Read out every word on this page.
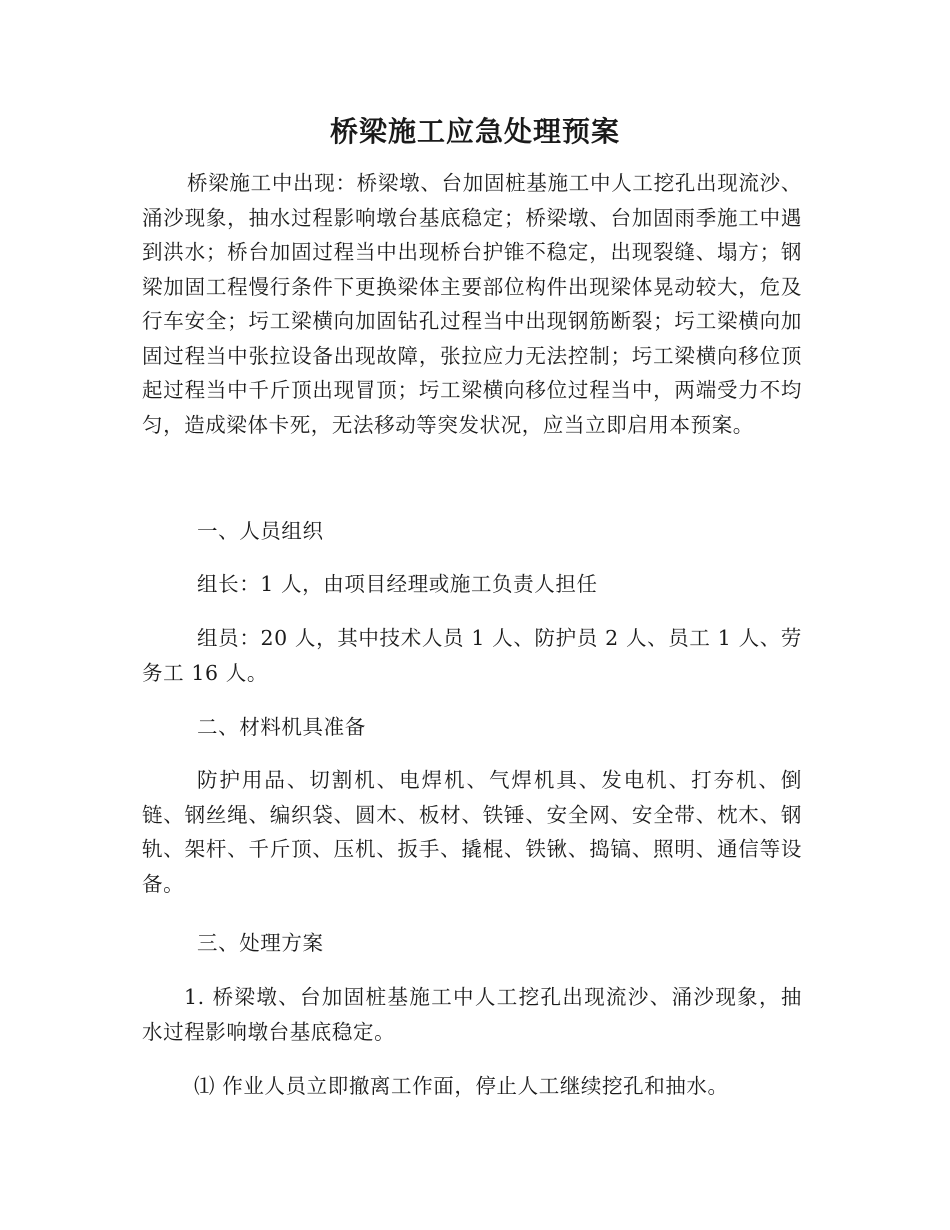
桥梁施工应急处理预案
桥梁施工中出现：桥梁墩、台加固桩基施工中人工挖孔出现流沙、涌沙现象，抽水过程影响墩台基底稳定；桥梁墩、台加固雨季施工中遇到洪水；桥台加固过程当中出现桥台护锥不稳定，出现裂缝、塌方；钢梁加固工程慢行条件下更换梁体主要部位构件出现梁体晃动较大，危及行车安全；圬工梁横向加固钻孔过程当中出现钢筋断裂；圬工梁横向加固过程当中张拉设备出现故障，张拉应力无法控制；圬工梁横向移位顶起过程当中千斤顶出现冒顶；圬工梁横向移位过程当中，两端受力不均匀，造成梁体卡死，无法移动等突发状况，应当立即启用本预案。
一、人员组织
组长：1 人，由项目经理或施工负责人担任
组员：20 人，其中技术人员 1 人、防护员 2 人、员工 1 人、劳务工 16 人。
二、材料机具准备
防护用品、切割机、电焊机、气焊机具、发电机、打夯机、倒链、钢丝绳、编织袋、圆木、板材、铁锤、安全网、安全带、枕木、钢轨、架杆、千斤顶、压机、扳手、撬棍、铁锹、捣镐、照明、通信等设备。
三、处理方案
1. 桥梁墩、台加固桩基施工中人工挖孔出现流沙、涌沙现象，抽水过程影响墩台基底稳定。
⑴ 作业人员立即撤离工作面，停止人工继续挖孔和抽水。
